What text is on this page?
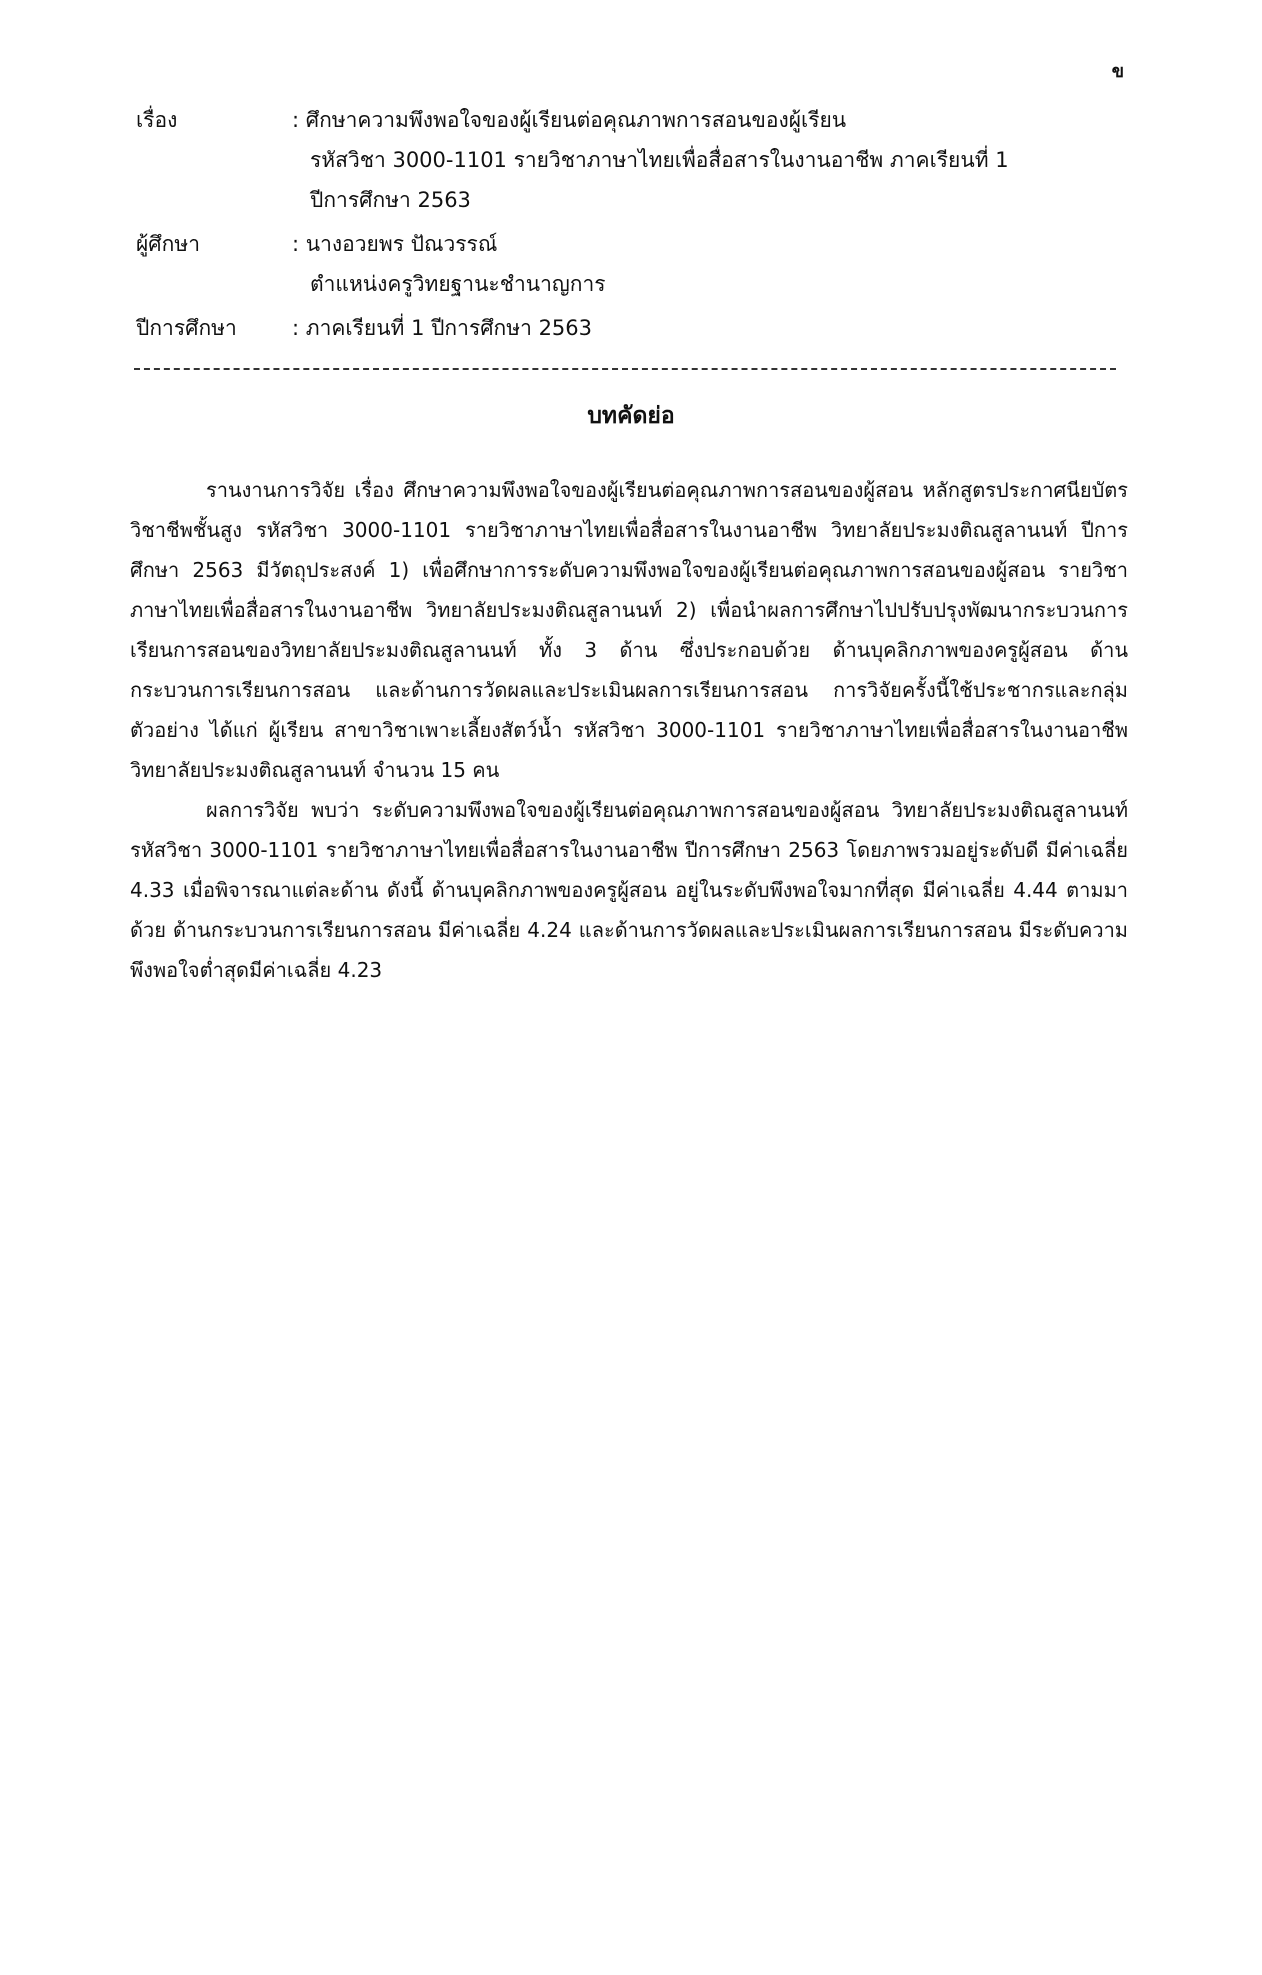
ข
เรื่อง	: ศึกษาความพึงพอใจของผู้เรียนต่อคุณภาพการสอนของผู้เรียน
รหัสวิชา 3000-1101 รายวิชาภาษาไทยเพื่อสื่อสารในงานอาชีพ ภาคเรียนที่ 1
ปีการศึกษา 2563
ผู้ศึกษา	: นางอวยพร ปัณวรรณ์
ตำแหน่งครูวิทยฐานะชำนาญการ
ปีการศึกษา	: ภาคเรียนที่ 1 ปีการศึกษา 2563
บทคัดย่อ

รานงานการวิจัย เรื่อง ศึกษาความพึงพอใจของผู้เรียนต่อคุณภาพการสอนของผู้สอน หลักสูตรประกาศนียบัตรวิชาชีพชั้นสูง รหัสวิชา 3000-1101 รายวิชาภาษาไทยเพื่อสื่อสารในงานอาชีพ วิทยาลัยประมงติณสูลานนท์ ปีการศึกษา 2563 มีวัตถุประสงค์ 1) เพื่อศึกษาการระดับความพึงพอใจของผู้เรียนต่อคุณภาพการสอนของผู้สอน รายวิชาภาษาไทยเพื่อสื่อสารในงานอาชีพ วิทยาลัยประมงติณสูลานนท์ 2) เพื่อนำผลการศึกษาไปปรับปรุงพัฒนากระบวนการเรียนการสอนของวิทยาลัยประมงติณสูลานนท์ ทั้ง 3 ด้าน ซึ่งประกอบด้วย ด้านบุคลิกภาพของครูผู้สอน ด้านกระบวนการเรียนการสอน และด้านการวัดผลและประเมินผลการเรียนการสอน การวิจัยครั้งนี้ใช้ประชากรและกลุ่มตัวอย่าง ได้แก่ ผู้เรียน สาขาวิชาเพาะเลี้ยงสัตว์น้ำ รหัสวิชา 3000-1101 รายวิชาภาษาไทยเพื่อสื่อสารในงานอาชีพ วิทยาลัยประมงติณสูลานนท์ จำนวน 15 คน

ผลการวิจัย พบว่า ระดับความพึงพอใจของผู้เรียนต่อคุณภาพการสอนของผู้สอน วิทยาลัยประมงติณสูลานนท์ รหัสวิชา 3000-1101 รายวิชาภาษาไทยเพื่อสื่อสารในงานอาชีพ ปีการศึกษา 2563 โดยภาพรวมอยู่ระดับดี มีค่าเฉลี่ย 4.33 เมื่อพิจารณาแต่ละด้าน ดังนี้ ด้านบุคลิกภาพของครูผู้สอน อยู่ในระดับพึงพอใจมากที่สุด มีค่าเฉลี่ย 4.44 ตามมาด้วย ด้านกระบวนการเรียนการสอน มีค่าเฉลี่ย 4.24 และด้านการวัดผลและประเมินผลการเรียนการสอน มีระดับความพึงพอใจต่ำสุดมีค่าเฉลี่ย 4.23
